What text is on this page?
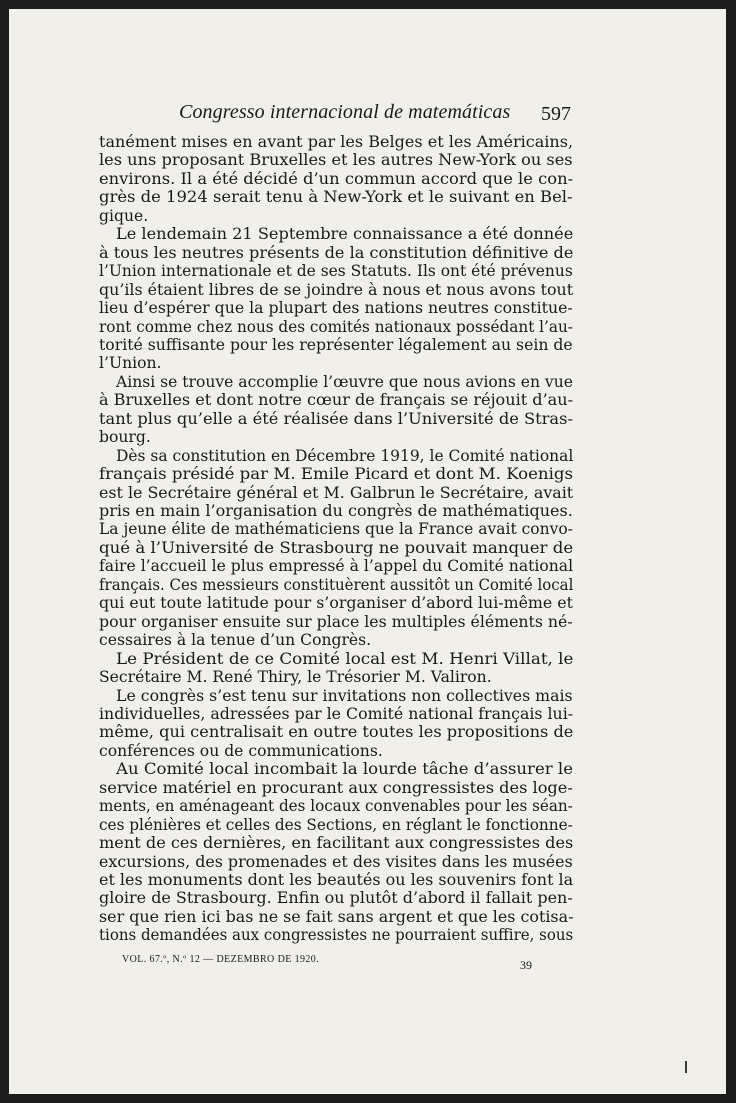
Congresso internacional de matemáticas 597
tanément mises en avant par les Belges et les Américains,
les uns proposant Bruxelles et les autres New-York ou ses
environs. Il a été décidé d’un commun accord que le con-
grès de 1924 serait tenu à New-York et le suivant en Bel-
gique.
Le lendemain 21 Septembre connaissance a été donnée
à tous les neutres présents de la constitution définitive de
l’Union internationale et de ses Statuts. Ils ont été prévenus
qu’ils étaient libres de se joindre à nous et nous avons tout
lieu d’espérer que la plupart des nations neutres constitue-
ront comme chez nous des comités nationaux possédant l’au-
torité suffisante pour les représenter légalement au sein de
l’Union.
Ainsi se trouve accomplie l’œuvre que nous avions en vue
à Bruxelles et dont notre cœur de français se réjouit d’au-
tant plus qu’elle a été réalisée dans l’Université de Stras-
bourg.
Dès sa constitution en Décembre 1919, le Comité national
français présidé par M. Emile Picard et dont M. Koenigs
est le Secrétaire général et M. Galbrun le Secrétaire, avait
pris en main l’organisation du congrès de mathématiques.
La jeune élite de mathématiciens que la France avait convo-
qué à l’Université de Strasbourg ne pouvait manquer de
faire l’accueil le plus empressé à l’appel du Comité national
français. Ces messieurs constituèrent aussitôt un Comité local
qui eut toute latitude pour s’organiser d’abord lui-même et
pour organiser ensuite sur place les multiples éléments né-
cessaires à la tenue d’un Congrès.
Le Président de ce Comité local est M. Henri Villat, le
Secrétaire M. René Thiry, le Trésorier M. Valiron.
Le congrès s’est tenu sur invitations non collectives mais
individuelles, adressées par le Comité national français lui-
même, qui centralisait en outre toutes les propositions de
conférences ou de communications.
Au Comité local incombait la lourde tâche d’assurer le
service matériel en procurant aux congressistes des loge-
ments, en aménageant des locaux convenables pour les séan-
ces plénières et celles des Sections, en réglant le fonctionne-
ment de ces dernières, en facilitant aux congressistes des
excursions, des promenades et des visites dans les musées
et les monuments dont les beautés ou les souvenirs font la
gloire de Strasbourg. Enfin ou plutôt d’abord il fallait pen-
ser que rien ici bas ne se fait sans argent et que les cotisa-
tions demandées aux congressistes ne pourraient suffire, sous
VOL. 67.º, N.º 12 — DEZEMBRO DE 1920.	39
